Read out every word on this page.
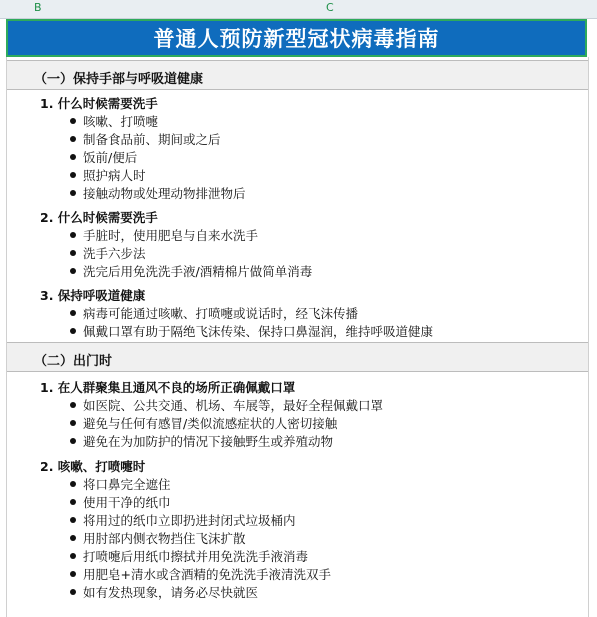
B	C
普通人预防新型冠状病毒指南
（一）保持手部与呼吸道健康
1. 什么时候需要洗手
咳嗽、打喷嚏
制备食品前、期间或之后
饭前/便后
照护病人时
接触动物或处理动物排泄物后
2. 什么时候需要洗手
手脏时，使用肥皂与自来水洗手
洗手六步法
洗完后用免洗洗手液/酒精棉片做简单消毒
3. 保持呼吸道健康
病毒可能通过咳嗽、打喷嚏或说话时，经飞沫传播
佩戴口罩有助于隔绝飞沫传染、保持口鼻湿润，维持呼吸道健康
（二）出门时
1. 在人群聚集且通风不良的场所正确佩戴口罩
如医院、公共交通、机场、车展等，最好全程佩戴口罩
避免与任何有感冒/类似流感症状的人密切接触
避免在为加防护的情况下接触野生或养殖动物
2. 咳嗽、打喷嚏时
将口鼻完全遮住
使用干净的纸巾
将用过的纸巾立即扔进封闭式垃圾桶内
用肘部内侧衣物挡住飞沫扩散
打喷嚏后用纸巾擦拭并用免洗洗手液消毒
用肥皂+清水或含酒精的免洗洗手液清洗双手
如有发热现象，请务必尽快就医
